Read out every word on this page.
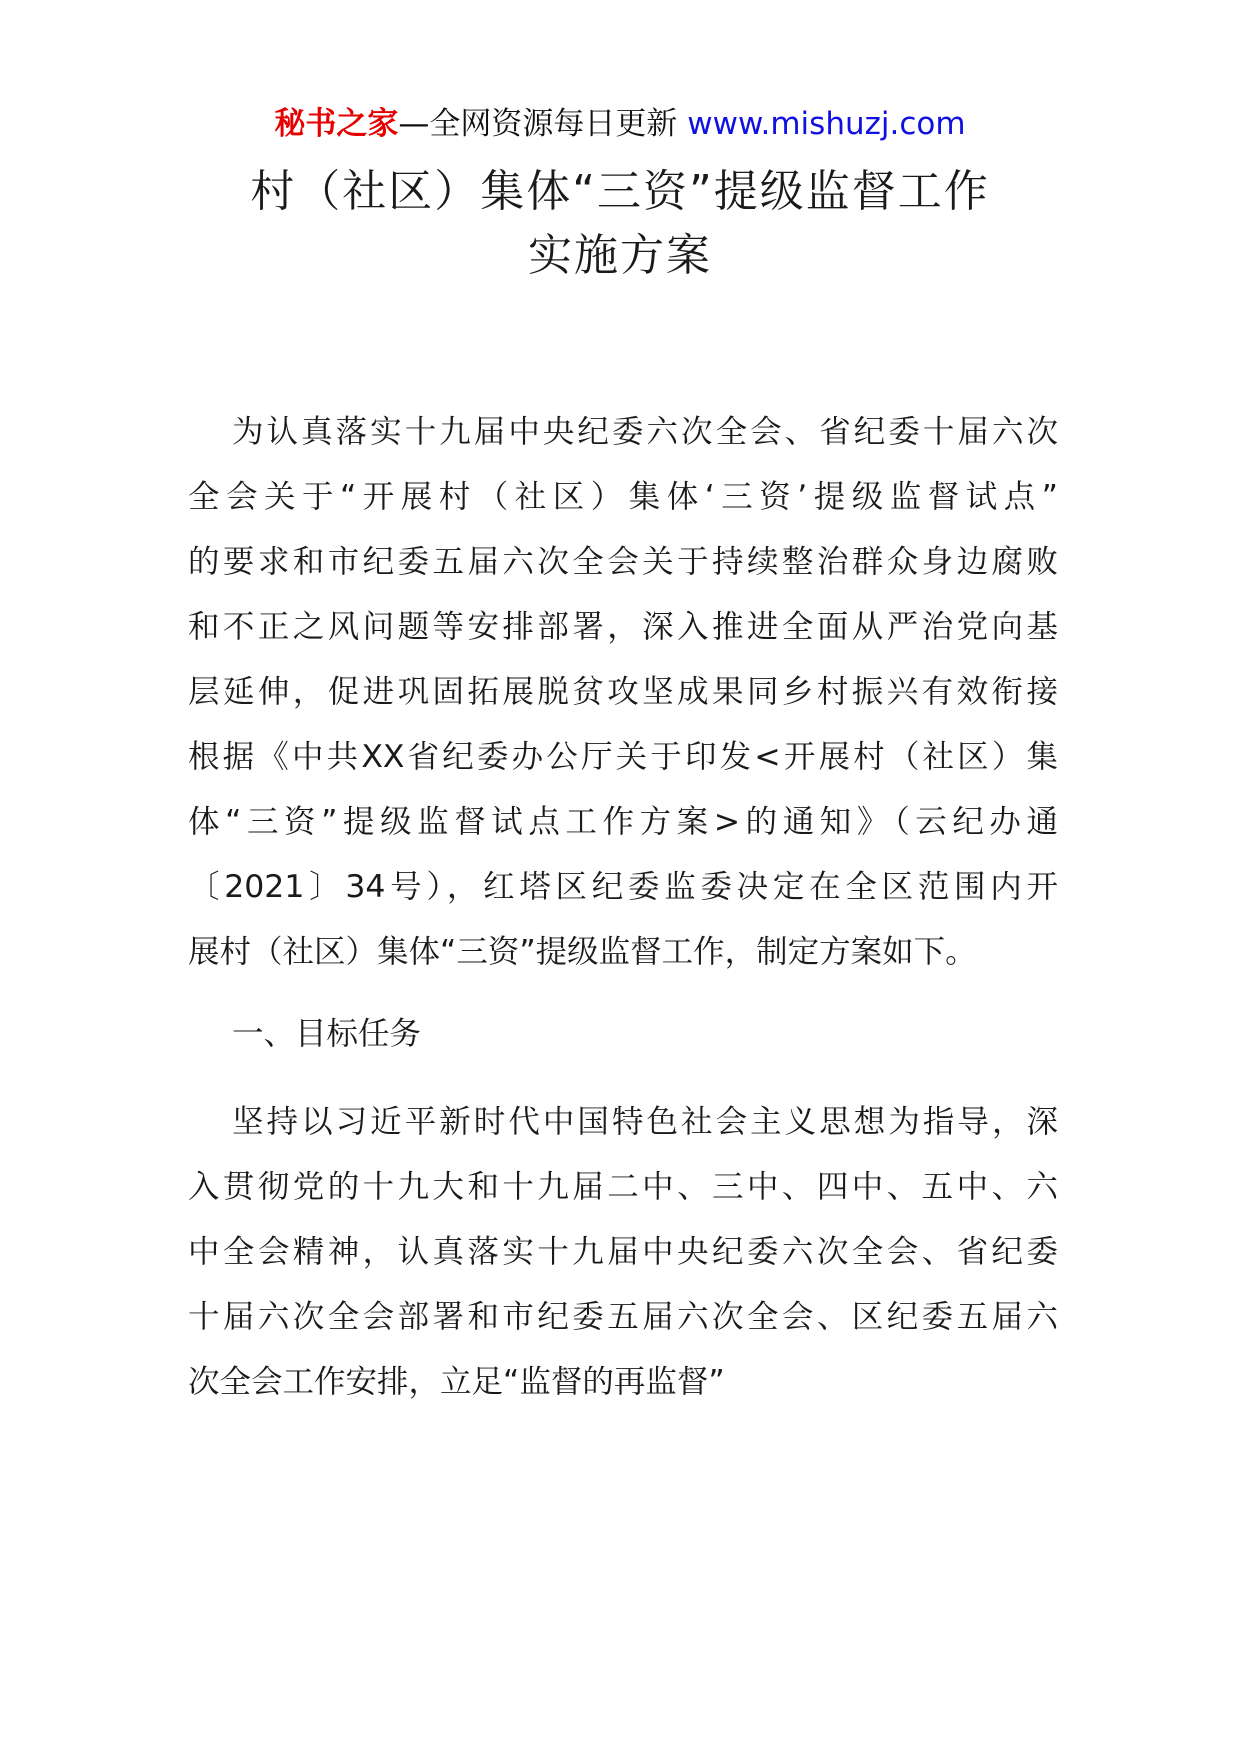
秘书之家—全网资源每日更新 www.mishuzj.com
村（社区）集体“三资”提级监督工作
实施方案
为认真落实十九届中央纪委六次全会、省纪委十届六次
全会关于“开展村（社区）集体‘三资’提级监督试点”
的要求和市纪委五届六次全会关于持续整治群众身边腐败
和不正之风问题等安排部署，深入推进全面从严治党向基
层延伸，促进巩固拓展脱贫攻坚成果同乡村振兴有效衔接
根据《中共XX省纪委办公厅关于印发<开展村（社区）集
体“三资”提级监督试点工作方案>的通知》（云纪办通
〔2021〕34号），红塔区纪委监委决定在全区范围内开
展村（社区）集体“三资”提级监督工作，制定方案如下。
一、目标任务
坚持以习近平新时代中国特色社会主义思想为指导，深
入贯彻党的十九大和十九届二中、三中、四中、五中、六
中全会精神，认真落实十九届中央纪委六次全会、省纪委
十届六次全会部署和市纪委五届六次全会、区纪委五届六
次全会工作安排，立足“监督的再监督”
